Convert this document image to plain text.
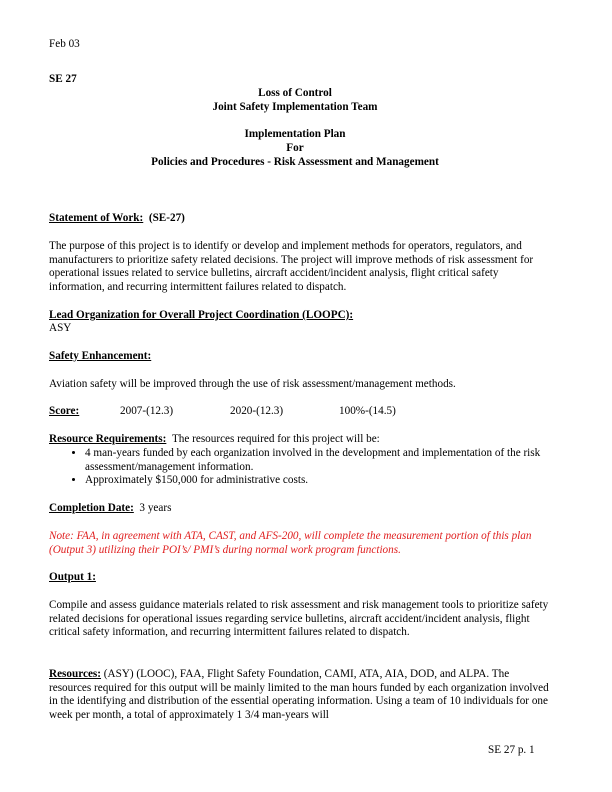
Feb 03
SE 27
Loss of Control
Joint Safety Implementation Team
Implementation Plan
For
Policies and Procedures - Risk Assessment and Management
Statement of Work: (SE-27)
The purpose of this project is to identify or develop and implement methods for operators, regulators, and manufacturers to prioritize safety related decisions. The project will improve methods of risk assessment for operational issues related to service bulletins, aircraft accident/incident analysis, flight critical safety information, and recurring intermittent failures related to dispatch.
Lead Organization for Overall Project Coordination (LOOPC):
ASY
Safety Enhancement:
Aviation safety will be improved through the use of risk assessment/management methods.
Score:	2007-(12.3)	2020-(12.3)	100%-(14.5)
Resource Requirements: The resources required for this project will be:
• 4 man-years funded by each organization involved in the development and implementation of the risk assessment/management information.
• Approximately $150,000 for administrative costs.
Completion Date: 3 years
Note: FAA, in agreement with ATA, CAST, and AFS-200, will complete the measurement portion of this plan (Output 3) utilizing their POI’s/ PMI’s during normal work program functions.
Output 1:
Compile and assess guidance materials related to risk assessment and risk management tools to prioritize safety related decisions for operational issues regarding service bulletins, aircraft accident/incident analysis, flight critical safety information, and recurring intermittent failures related to dispatch.
Resources: (ASY) (LOOC), FAA, Flight Safety Foundation, CAMI, ATA, AIA, DOD, and ALPA. The resources required for this output will be mainly limited to the man hours funded by each organization involved in the identifying and distribution of the essential operating information. Using a team of 10 individuals for one week per month, a total of approximately 1 3/4 man-years will
SE 27 p. 1
